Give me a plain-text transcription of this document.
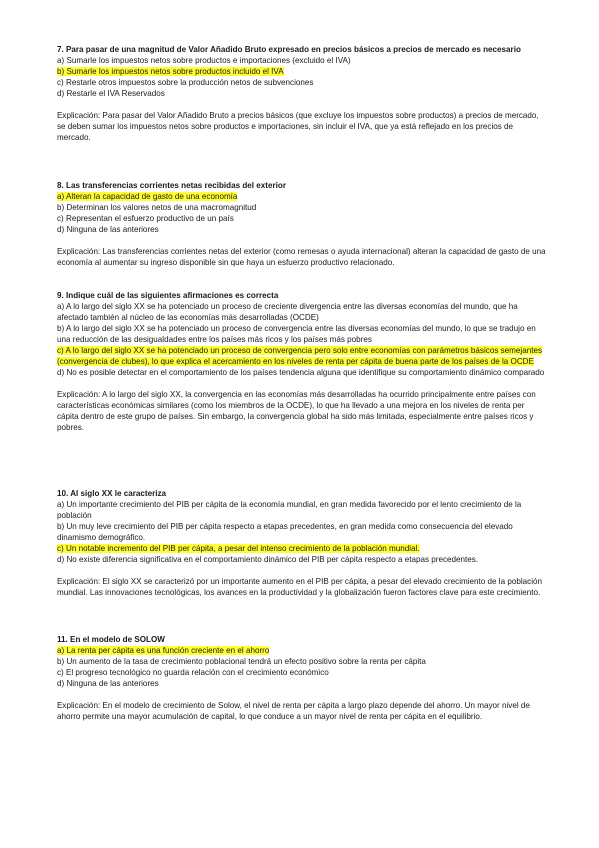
7. Para pasar de una magnitud de Valor Añadido Bruto expresado en precios básicos a precios de mercado es necesario
a) Sumarle los impuestos netos sobre productos e importaciones (excluido el IVA)
b) Sumarle los impuestos netos sobre productos incluido el IVA
c) Restarle otros impuestos sobre la producción netos de subvenciones
d) Restarle el IVA Reservados
Explicación: Para pasar del Valor Añadido Bruto a precios básicos (que excluye los impuestos sobre productos) a precios de mercado, se deben sumar los impuestos netos sobre productos e importaciones, sin incluir el IVA, que ya está reflejado en los precios de mercado.
8. Las transferencias corrientes netas recibidas del exterior
a) Alteran la capacidad de gasto de una economía
b) Determinan los valores netos de una macromagnitud
c) Representan el esfuerzo productivo de un país
d) Ninguna de las anteriores
Explicación: Las transferencias corrientes netas del exterior (como remesas o ayuda internacional) alteran la capacidad de gasto de una economía al aumentar su ingreso disponible sin que haya un esfuerzo productivo relacionado.
9. Indique cuál de las siguientes afirmaciones es correcta
a) A lo largo del siglo XX se ha potenciado un proceso de creciente divergencia entre las diversas economías del mundo, que ha afectado también al núcleo de las economías más desarrolladas (OCDE)
b) A lo largo del siglo XX se ha potenciado un proceso de convergencia entre las diversas economías del mundo, lo que se tradujo en una reducción de las desigualdades entre los países más ricos y los países más pobres
c) A lo largo del siglo XX se ha potenciado un proceso de convergencia pero solo entre economías con parámetros básicos semejantes (convergencia de clubes), lo que explica el acercamiento en los niveles de renta per cápita de buena parte de los países de la OCDE
d) No es posible detectar en el comportamiento de los países tendencia alguna que identifique su comportamiento dinámico comparado
Explicación: A lo largo del siglo XX, la convergencia en las economías más desarrolladas ha ocurrido principalmente entre países con características económicas similares (como los miembros de la OCDE), lo que ha llevado a una mejora en los niveles de renta per cápita dentro de este grupo de países. Sin embargo, la convergencia global ha sido más limitada, especialmente entre países ricos y pobres.
10. Al siglo XX le caracteriza
a) Un importante crecimiento del PIB per cápita de la economía mundial, en gran medida favorecido por el lento crecimiento de la población
b) Un muy leve crecimiento del PIB per cápita respecto a etapas precedentes, en gran medida como consecuencia del elevado dinamismo demográfico.
c) Un notable incremento del PIB per cápita, a pesar del intenso crecimiento de la población mundial.
d) No existe diferencia significativa en el comportamiento dinámico del PIB per cápita respecto a etapas precedentes.
Explicación: El siglo XX se caracterizó por un importante aumento en el PIB per cápita, a pesar del elevado crecimiento de la población mundial. Las innovaciones tecnológicas, los avances en la productividad y la globalización fueron factores clave para este crecimiento.
11. En el modelo de SOLOW
a) La renta per cápita es una función creciente en el ahorro
b) Un aumento de la tasa de crecimiento poblacional tendrá un efecto positivo sobre la renta per cápita
c) El progreso tecnológico no guarda relación con el crecimiento económico
d) Ninguna de las anteriores
Explicación: En el modelo de crecimiento de Solow, el nivel de renta per cápita a largo plazo depende del ahorro. Un mayor nivel de ahorro permite una mayor acumulación de capital, lo que conduce a un mayor nivel de renta per cápita en el equilibrio.
